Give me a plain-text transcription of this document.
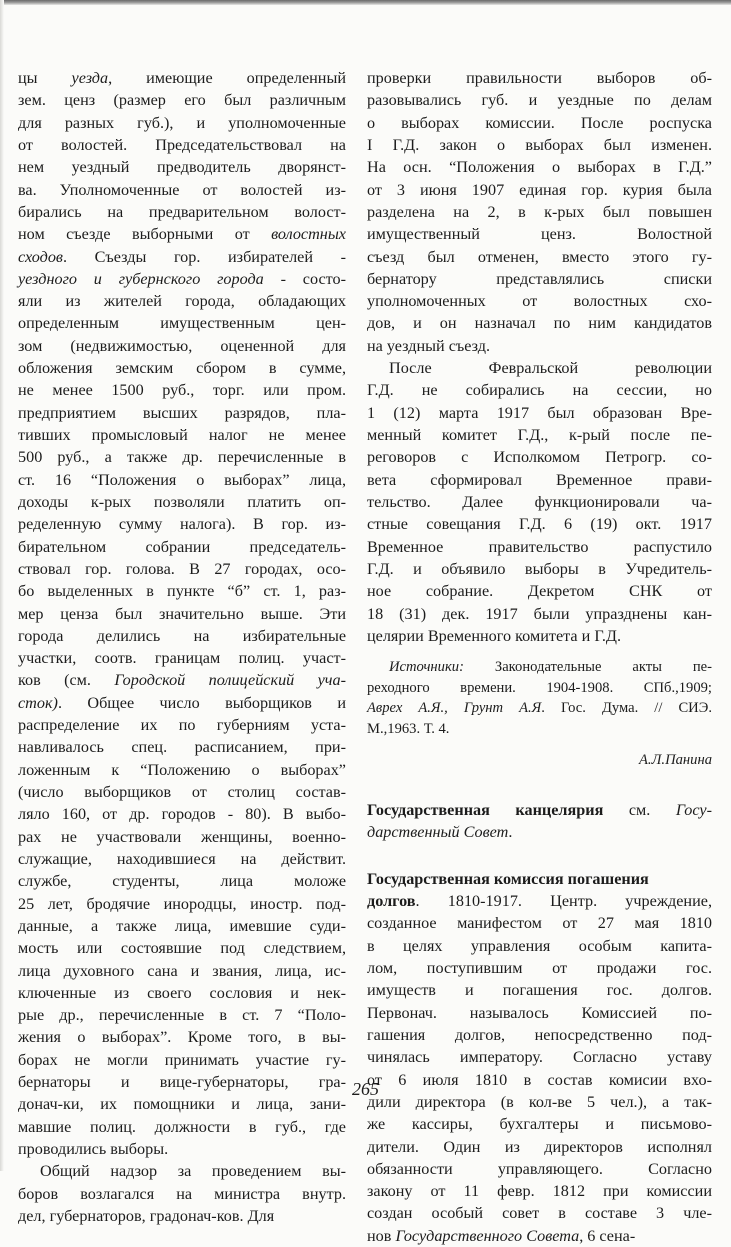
цы уезда, имеющие определенный
зем. ценз (размер его был различным
для разных губ.), и уполномоченные
от волостей. Председательствовал на
нем уездный предводитель дворянст-
ва. Уполномоченные от волостей из-
бирались на предварительном волост-
ном съезде выборными от волостных
сходов. Съезды гор. избирателей -
уездного и губернского города - состо-
яли из жителей города, обладающих
определенным имущественным цен-
зом (недвижимостью, оцененной для
обложения земским сбором в сумме,
не менее 1500 руб., торг. или пром.
предприятием высших разрядов, пла-
тивших промысловый налог не менее
500 руб., а также др. перечисленные в
ст. 16 “Положения о выборах” лица,
доходы к-рых позволяли платить оп-
ределенную сумму налога). В гор. из-
бирательном собрании председатель-
ствовал гор. голова. В 27 городах, осо-
бо выделенных в пункте “б” ст. 1, раз-
мер ценза был значительно выше. Эти
города делились на избирательные
участки, соотв. границам полиц. участ-
ков (см. Городской полицейский уча-
сток). Общее число выборщиков и
распределение их по губерниям уста-
навливалось спец. расписанием, при-
ложенным к “Положению о выборах”
(число выборщиков от столиц состав-
ляло 160, от др. городов - 80). В выбо-
рах не участвовали женщины, военно-
служащие, находившиеся на действит.
службе, студенты, лица моложе
25 лет, бродячие инородцы, иностр. под-
данные, а также лица, имевшие суди-
мость или состоявшие под следствием,
лица духовного сана и звания, лица, ис-
ключенные из своего сословия и нек-
рые др., перечисленные в ст. 7 “Поло-
жения о выборах”. Кроме того, в вы-
борах не могли принимать участие гу-
бернаторы и вице-губернаторы, гра-
донач-ки, их помощники и лица, зани-
мавшие полиц. должности в губ., где
проводились выборы.
Общий надзор за проведением вы-
боров возлагался на министра внутр.
дел, губернаторов, градонач-ков. Для
проверки правильности выборов об-
разовывались губ. и уездные по делам
о выборах комиссии. После роспуска
I Г.Д. закон о выборах был изменен.
На осн. “Положения о выборах в Г.Д.”
от 3 июня 1907 единая гор. курия была
разделена на 2, в к-рых был повышен
имущественный ценз. Волостной
съезд был отменен, вместо этого гу-
бернатору представлялись списки
уполномоченных от волостных схо-
дов, и он назначал по ним кандидатов
на уездный съезд.
После Февральской революции
Г.Д. не собирались на сессии, но
1 (12) марта 1917 был образован Вре-
менный комитет Г.Д., к-рый после пе-
реговоров с Исполкомом Петрогр. со-
вета сформировал Временное прави-
тельство. Далее функционировали ча-
стные совещания Г.Д. 6 (19) окт. 1917
Временное правительство распустило
Г.Д. и объявило выборы в Учредитель-
ное собрание. Декретом СНК от
18 (31) дек. 1917 были упразднены кан-
целярии Временного комитета и Г.Д.
Источники: Законодательные акты пе-
реходного времени. 1904-1908. СПб.,1909;
Аврех А.Я., Грунт А.Я. Гос. Дума. // СИЭ.
М.,1963. Т. 4.
А.Л.Панина
Государственная канцелярия см. Госу-
дарственный Совет.
Государственная комиссия погашения
долгов. 1810-1917. Центр. учреждение,
созданное манифестом от 27 мая 1810
в целях управления особым капита-
лом, поступившим от продажи гос.
имуществ и погашения гос. долгов.
Первонач. называлось Комиссией по-
гашения долгов, непосредственно под-
чинялась императору. Согласно уставу
от 6 июля 1810 в состав комисии вхо-
дили директора (в кол-ве 5 чел.), а так-
же кассиры, бухгалтеры и письмово-
дители. Один из директоров исполнял
обязанности управляющего. Согласно
закону от 11 февр. 1812 при комиссии
создан особый совет в составе 3 чле-
нов Государственного Совета, 6 сена-
265
